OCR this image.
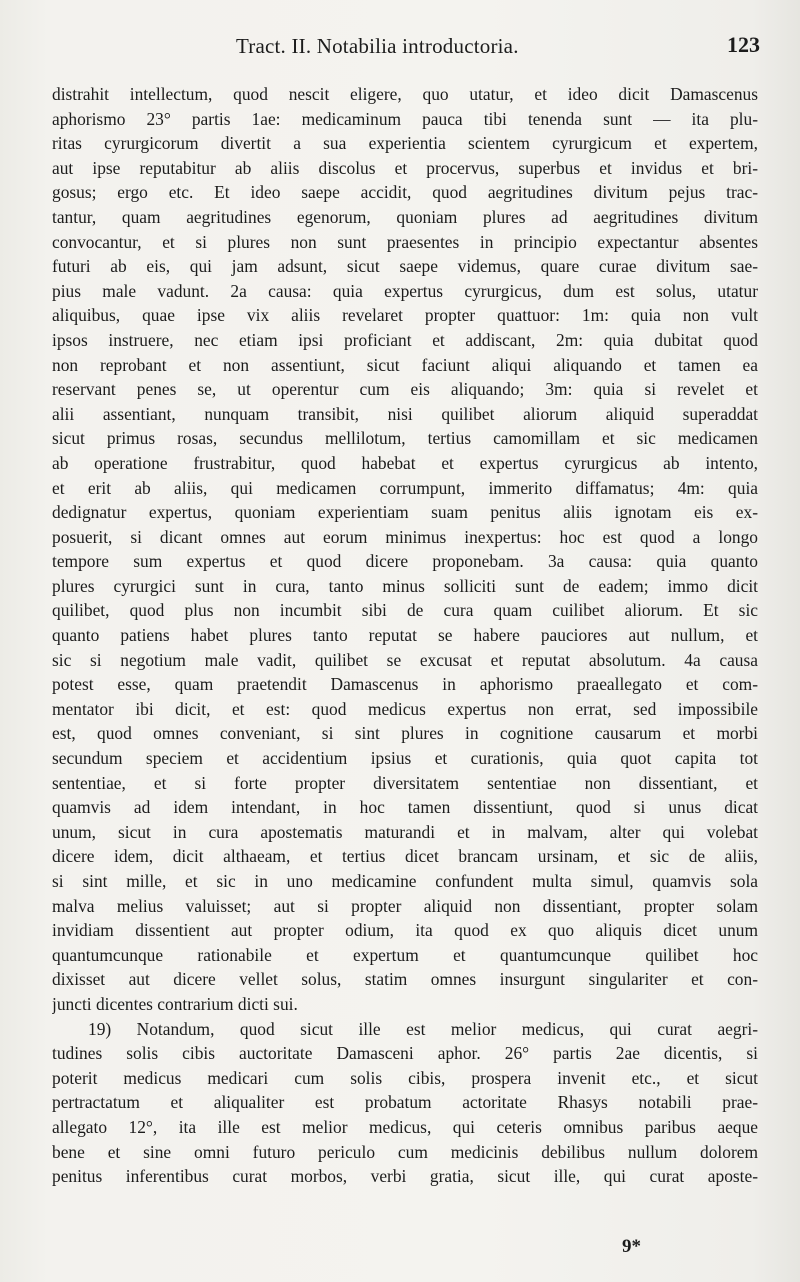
Tract. II. Notabilia introductoria.	123
distrahit intellectum, quod nescit eligere, quo utatur, et ideo dicit Damascenus
aphorismo 23° partis 1ae: medicaminum pauca tibi tenenda sunt — ita plu-
ritas cyrurgicorum divertit a sua experientia scientem cyrurgicum et expertem,
aut ipse reputabitur ab aliis discolus et procervus, superbus et invidus et bri-
gosus; ergo etc. Et ideo saepe accidit, quod aegritudines divitum pejus trac-
tantur, quam aegritudines egenorum, quoniam plures ad aegritudines divitum
convocantur, et si plures non sunt praesentes in principio expectantur absentes
futuri ab eis, qui jam adsunt, sicut saepe videmus, quare curae divitum sae-
pius male vadunt. 2a causa: quia expertus cyrurgicus, dum est solus, utatur
aliquibus, quae ipse vix aliis revelaret propter quattuor: 1m: quia non vult
ipsos instruere, nec etiam ipsi proficiant et addiscant, 2m: quia dubitat quod
non reprobant et non assentiunt, sicut faciunt aliqui aliquando et tamen ea
reservant penes se, ut operentur cum eis aliquando; 3m: quia si revelet et
alii assentiant, nunquam transibit, nisi quilibet aliorum aliquid superaddat
sicut primus rosas, secundus mellilotum, tertius camomillam et sic medicamen
ab operatione frustrabitur, quod habebat et expertus cyrurgicus ab intento,
et erit ab aliis, qui medicamen corrumpunt, immerito diffamatus; 4m: quia
dedignatur expertus, quoniam experientiam suam penitus aliis ignotam eis ex-
posuerit, si dicant omnes aut eorum minimus inexpertus: hoc est quod a longo
tempore sum expertus et quod dicere proponebam. 3a causa: quia quanto
plures cyrurgici sunt in cura, tanto minus solliciti sunt de eadem; immo dicit
quilibet, quod plus non incumbit sibi de cura quam cuilibet aliorum. Et sic
quanto patiens habet plures tanto reputat se habere pauciores aut nullum, et
sic si negotium male vadit, quilibet se excusat et reputat absolutum. 4a causa
potest esse, quam praetendit Damascenus in aphorismo praeallegato et com-
mentator ibi dicit, et est: quod medicus expertus non errat, sed impossibile
est, quod omnes conveniant, si sint plures in cognitione causarum et morbi
secundum speciem et accidentium ipsius et curationis, quia quot capita tot
sententiae, et si forte propter diversitatem sententiae non dissentiant, et
quamvis ad idem intendant, in hoc tamen dissentiunt, quod si unus dicat
unum, sicut in cura apostematis maturandi et in malvam, alter qui volebat
dicere idem, dicit althaeam, et tertius dicet brancam ursinam, et sic de aliis,
si sint mille, et sic in uno medicamine confundent multa simul, quamvis sola
malva melius valuisset; aut si propter aliquid non dissentiant, propter solam
invidiam dissentient aut propter odium, ita quod ex quo aliquis dicet unum
quantumcunque rationabile et expertum et quantumcunque quilibet hoc
dixisset aut dicere vellet solus, statim omnes insurgunt singulariter et con-
juncti dicentes contrarium dicti sui.
19) Notandum, quod sicut ille est melior medicus, qui curat aegri-
tudines solis cibis auctoritate Damasceni aphor. 26° partis 2ae dicentis, si
poterit medicus medicari cum solis cibis, prospera invenit etc., et sicut
pertractatum et aliqualiter est probatum actoritate Rhasys notabili prae-
allegato 12°, ita ille est melior medicus, qui ceteris omnibus paribus aeque
bene et sine omni futuro periculo cum medicinis debilibus nullum dolorem
penitus inferentibus curat morbos, verbi gratia, sicut ille, qui curat aposte-
9*
